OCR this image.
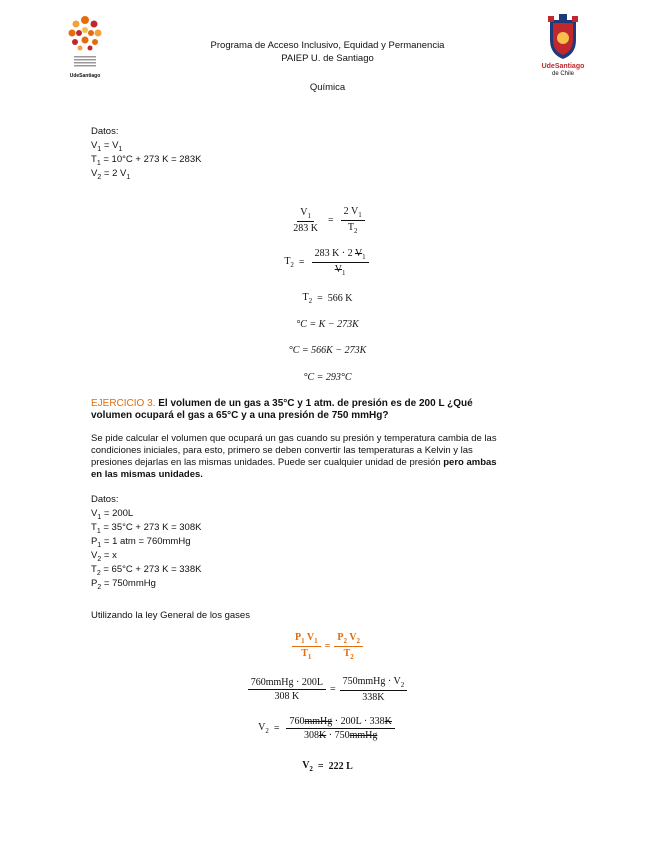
UdeSantiago
UdeSantiago
de Chile
Programa de Acceso Inclusivo, Equidad y Permanencia
PAIEP U. de Santiago
Química
Datos:
$V_1 = V_1$
$T_1 = 10^\circ C + 273$ K = 283K
$V_2 = 2$ $V_1$
$\frac{V_1}{283 K} = \frac{2 V_1}{T_2}$
$T_2 = \frac{283 K \cdot 2 V_1}{V_1}$
$T_2 = 566$ K
°C = K − 273K
°C = 566K − 273K
°C = 293°C
EJERCICIO 3. El volumen de un gas a 35°C y 1 atm. de presión es de 200 L ¿Qué
volumen ocupará el gas a 65°C y a una presión de 750 mmHg?
Se pide calcular el volumen que ocupará un gas cuando su presión y temperatura cambia de las
condiciones iniciales, para esto, primero se deben convertir las temperaturas a Kelvin y las
presiones dejarlas en las mismas unidades. Puede ser cualquier unidad de presión pero ambas
en las mismas unidades.
Datos:
$V_1 = 200L$
$T_1 = 35^\circ C + 273$ K = 308K
$P_1 = 1$ atm = 760mmHg
$V_2 = x$
$T_2 = 65^\circ C + 273$ K = 338K
$P_2$ = 750mmHg
Utilizando la ley General de los gases
$\frac{P_1 V_1}{T_1} = \frac{P_2 V_2}{T_2}$
$\frac{\text{760mmHg · 200L}}{308 K} = \frac{750mmHg \cdot V_2}{338K}$
$V_2 = \frac{\text{760mmHg · 200L · 338K}}{\text{308K · 750mmHg}}$
$V_2 = 222$ L
